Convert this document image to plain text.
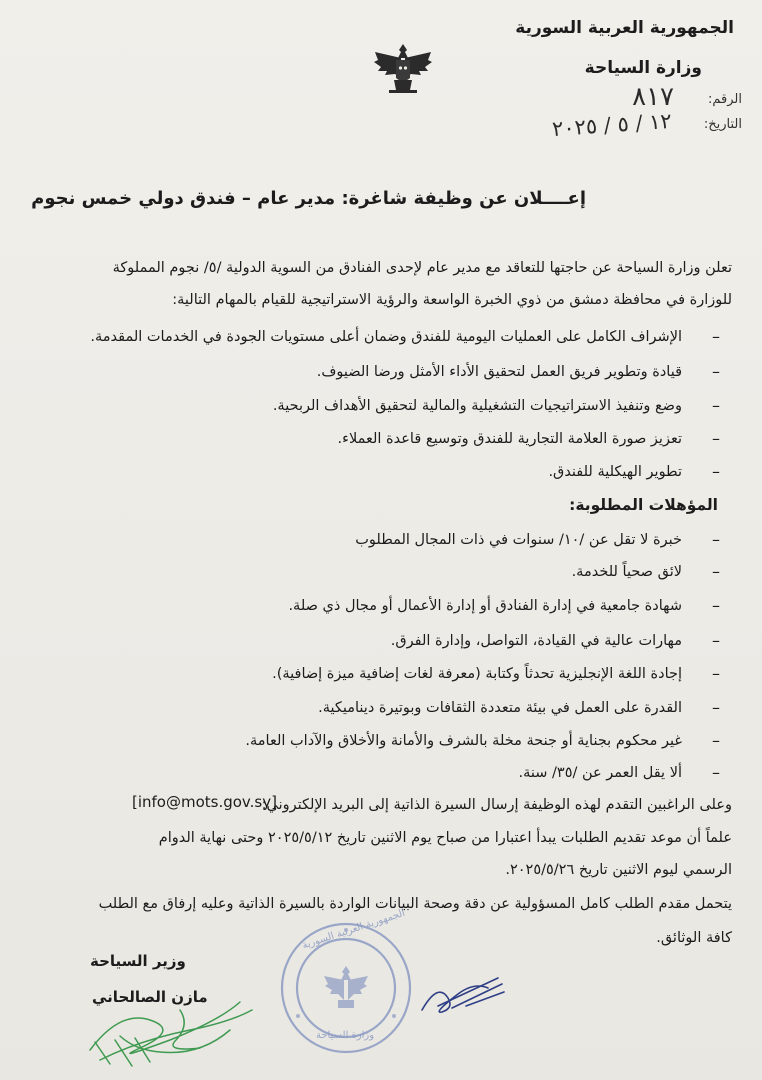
الجمهورية العربية السورية
وزارة السياحة
الرقم:
٨١٧
التاريخ:
١٢ / ٥ / ٢٠٢٥
إعــــلان عن وظيفة شاغرة: مدير عام – فندق دولي خمس نجوم
تعلن وزارة السياحة عن حاجتها للتعاقد مع مدير عام لإحدى الفنادق من السوية الدولية /٥/ نجوم المملوكة
للوزارة في محافظة دمشق من ذوي الخبرة الواسعة والرؤية الاستراتيجية للقيام بالمهام التالية:
–
الإشراف الكامل على العمليات اليومية للفندق وضمان أعلى مستويات الجودة في الخدمات المقدمة.
–
قيادة وتطوير فريق العمل لتحقيق الأداء الأمثل ورضا الضيوف.
–
وضع وتنفيذ الاستراتيجيات التشغيلية والمالية لتحقيق الأهداف الربحية.
–
تعزيز صورة العلامة التجارية للفندق وتوسيع قاعدة العملاء.
–
تطوير الهيكلية للفندق.
المؤهلات المطلوبة:
–
خبرة لا تقل عن /١٠/ سنوات في ذات المجال المطلوب
–
لائق صحياً للخدمة.
–
شهادة جامعية في إدارة الفنادق أو إدارة الأعمال أو مجال ذي صلة.
–
مهارات عالية في القيادة، التواصل، وإدارة الفرق.
–
إجادة اللغة الإنجليزية تحدثاً وكتابة (معرفة لغات إضافية ميزة إضافية).
–
القدرة على العمل في بيئة متعددة الثقافات وبوتيرة ديناميكية.
–
غير محكوم بجناية أو جنحة مخلة بالشرف والأمانة والأخلاق والآداب العامة.
–
ألا يقل العمر عن /٣٥/ سنة.
وعلى الراغبين التقدم لهذه الوظيفة إرسال السيرة الذاتية إلى البريد الإلكتروني:
[info@mots.gov.sy]
علماً أن موعد تقديم الطلبات يبدأ اعتبارا من صباح يوم الاثنين تاريخ ٢٠٢٥/٥/١٢ وحتى نهاية الدوام
الرسمي ليوم الاثنين تاريخ ٢٠٢٥/٥/٢٦.
يتحمل مقدم الطلب كامل المسؤولية عن دقة وصحة البيانات الواردة بالسيرة الذاتية وعليه إرفاق مع الطلب
كافة الوثائق.
وزير السياحة
مازن الصالحاني
الجمهورية العربية السورية
وزارة السياحة
